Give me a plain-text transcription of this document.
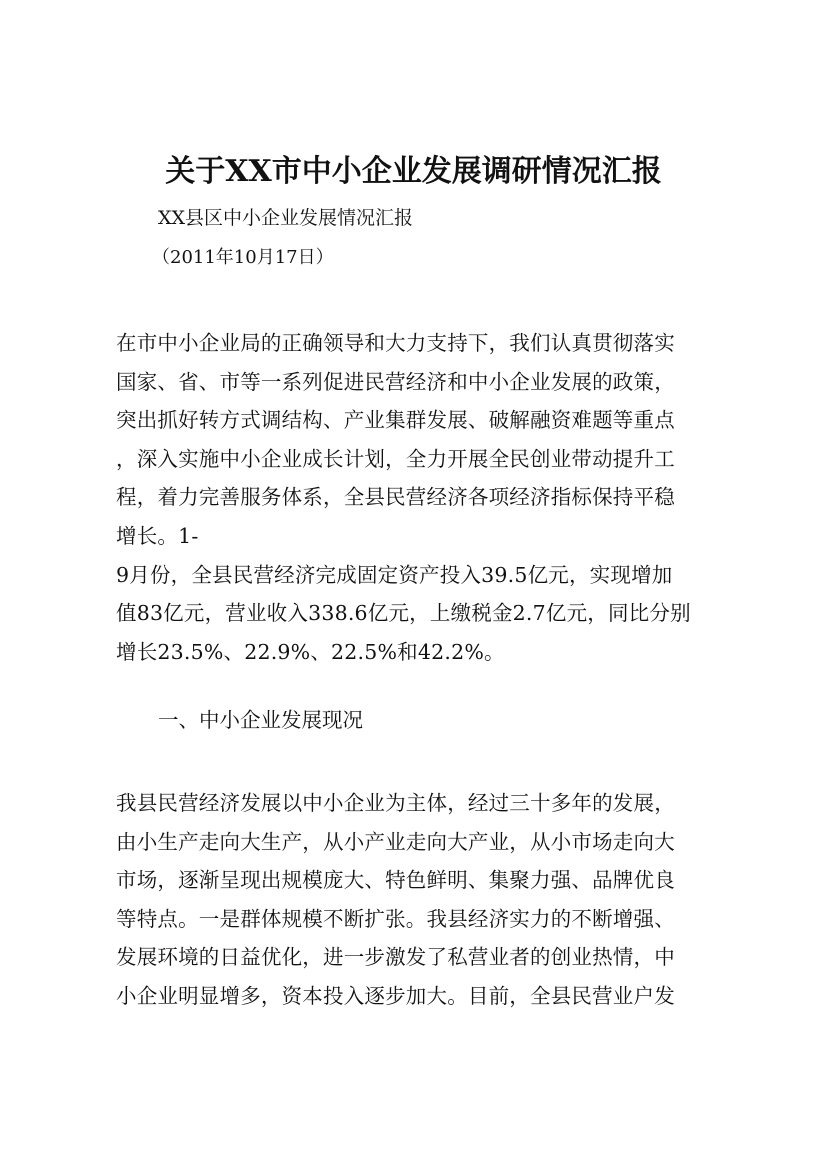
关于XX市中小企业发展调研情况汇报
XX县区中小企业发展情况汇报
（2011年10月17日）
在市中小企业局的正确领导和大力支持下，我们认真贯彻落实
国家、省、市等一系列促进民营经济和中小企业发展的政策，
突出抓好转方式调结构、产业集群发展、破解融资难题等重点
，深入实施中小企业成长计划，全力开展全民创业带动提升工
程，着力完善服务体系，全县民营经济各项经济指标保持平稳
增长。1-
9月份，全县民营经济完成固定资产投入39.5亿元，实现增加
值83亿元，营业收入338.6亿元，上缴税金2.7亿元，同比分别
增长23.5%、22.9%、22.5%和42.2%。
一、中小企业发展现况
我县民营经济发展以中小企业为主体，经过三十多年的发展，
由小生产走向大生产，从小产业走向大产业，从小市场走向大
市场，逐渐呈现出规模庞大、特色鲜明、集聚力强、品牌优良
等特点。一是群体规模不断扩张。我县经济实力的不断增强、
发展环境的日益优化，进一步激发了私营业者的创业热情，中
小企业明显增多，资本投入逐步加大。目前，全县民营业户发
